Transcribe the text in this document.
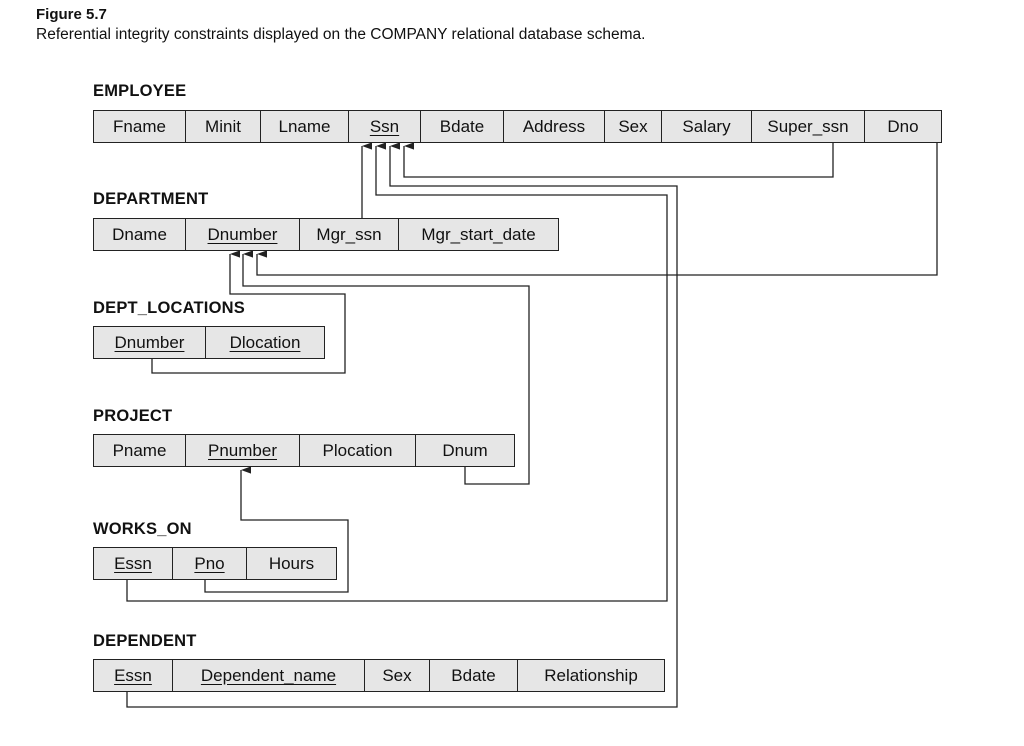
Figure 5.7
Referential integrity constraints displayed on the COMPANY relational database schema.
EMPLOYEE
Fname	Minit	Lname	Ssn	Bdate	Address	Sex	Salary	Super_ssn	Dno
DEPARTMENT
Dname	Dnumber	Mgr_ssn	Mgr_start_date
DEPT_LOCATIONS
Dnumber	Dlocation
PROJECT
Pname	Pnumber	Plocation	Dnum
WORKS_ON
Essn	Pno	Hours
DEPENDENT
Essn	Dependent_name	Sex	Bdate	Relationship
